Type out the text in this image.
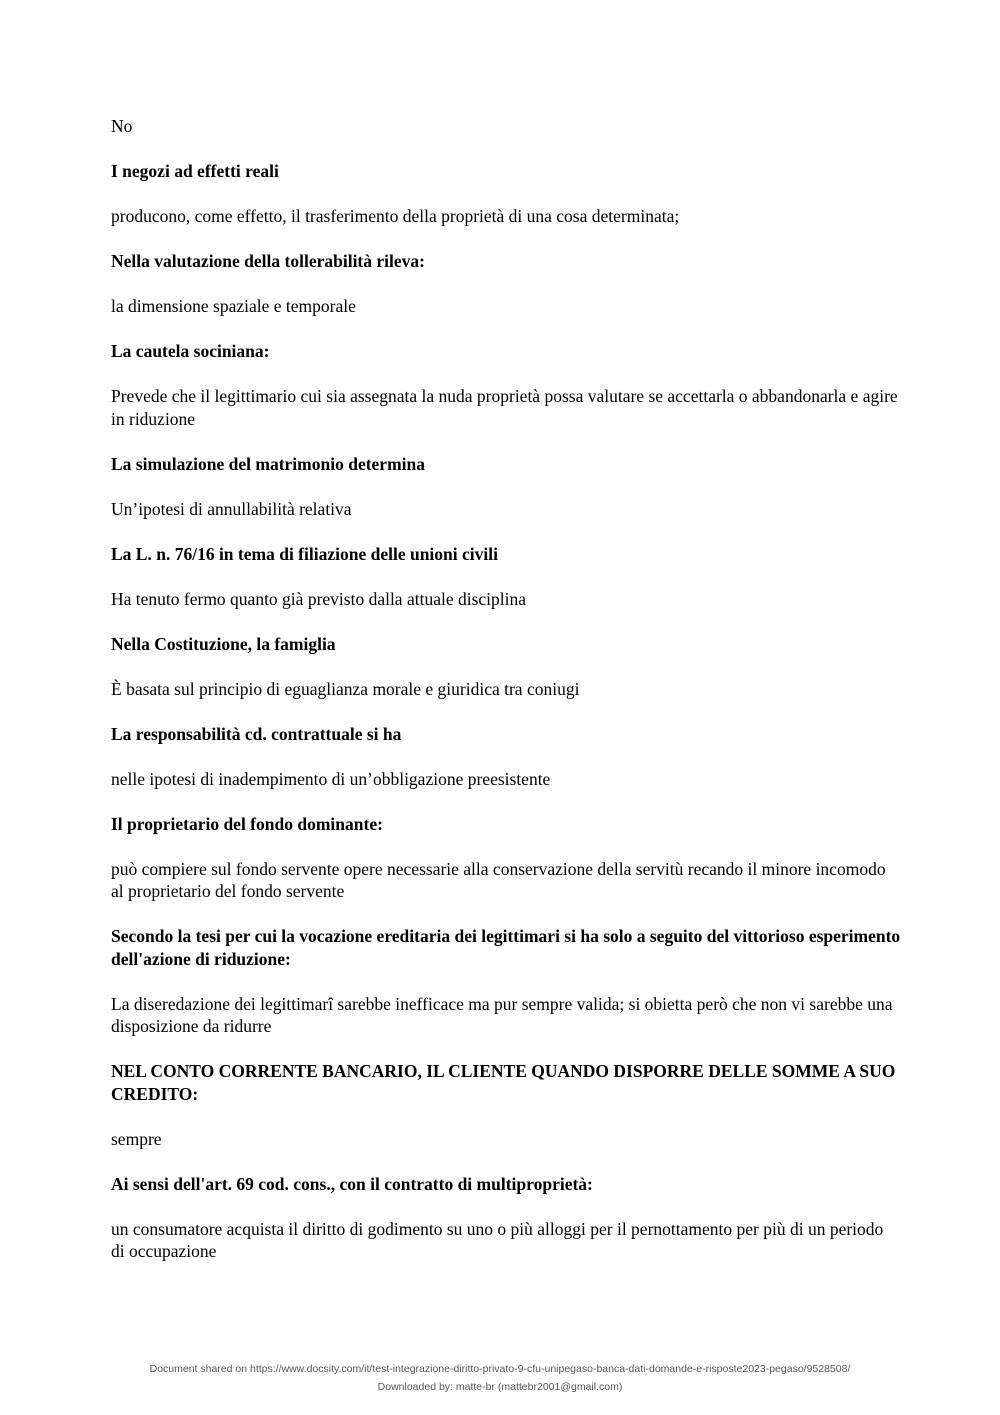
No

I negozi ad effetti reali

producono, come effetto, il trasferimento della proprietà di una cosa determinata;

Nella valutazione della tollerabilità rileva:

la dimensione spaziale e temporale

La cautela sociniana:

Prevede che il legittimario cui sia assegnata la nuda proprietà possa valutare se accettarla o abbandonarla e agire in riduzione

La simulazione del matrimonio determina

Un’ipotesi di annullabilità relativa

La L. n. 76/16 in tema di filiazione delle unioni civili

Ha tenuto fermo quanto già previsto dalla attuale disciplina

Nella Costituzione, la famiglia

È basata sul principio di eguaglianza morale e giuridica tra coniugi

La responsabilità cd. contrattuale si ha

nelle ipotesi di inadempimento di un’obbligazione preesistente

Il proprietario del fondo dominante:

può compiere sul fondo servente opere necessarie alla conservazione della servitù recando il minore incomodo al proprietario del fondo servente

Secondo la tesi per cui la vocazione ereditaria dei legittimari si ha solo a seguito del vittorioso esperimento dell'azione di riduzione:

La diseredazione dei legittimarî sarebbe inefficace ma pur sempre valida; si obietta però che non vi sarebbe una disposizione da ridurre

NEL CONTO CORRENTE BANCARIO, IL CLIENTE QUANDO DISPORRE DELLE SOMME A SUO CREDITO:

sempre

Ai sensi dell'art. 69 cod. cons., con il contratto di multiproprietà:

un consumatore acquista il diritto di godimento su uno o più alloggi per il pernottamento per più di un periodo di occupazione

Document shared on https://www.docsity.com/it/test-integrazione-diritto-privato-9-cfu-unipegaso-banca-dati-domande-e-risposte2023-pegaso/9528508/
Downloaded by: matte-br (mattebr2001@gmail.com)
